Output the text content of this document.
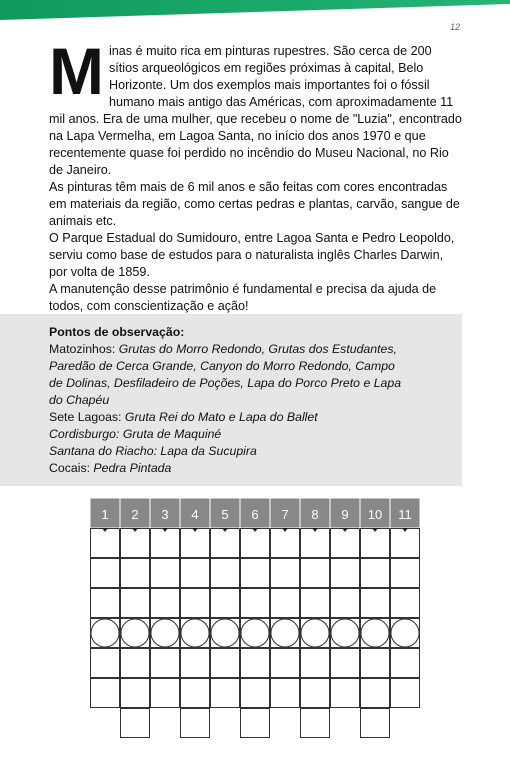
12

Minas é muito rica em pinturas rupestres. São cerca de 200 sítios arqueológicos em regiões próximas à capital, Belo Horizonte. Um dos exemplos mais importantes foi o fóssil humano mais antigo das Américas, com aproximadamente 11 mil anos. Era de uma mulher, que recebeu o nome de "Luzia", encontrado na Lapa Vermelha, em Lagoa Santa, no início dos anos 1970 e que recentemente quase foi perdido no incêndio do Museu Nacional, no Rio de Janeiro.

As pinturas têm mais de 6 mil anos e são feitas com cores encontradas em materiais da região, como certas pedras e plantas, carvão, sangue de animais etc.

O Parque Estadual do Sumidouro, entre Lagoa Santa e Pedro Leopoldo, serviu como base de estudos para o naturalista inglês Charles Darwin, por volta de 1859.

A manutenção desse patrimônio é fundamental e precisa da ajuda de todos, com conscientização e ação!

Pontos de observação:
Matozinhos: Grutas do Morro Redondo, Grutas dos Estudantes, Paredão de Cerca Grande, Canyon do Morro Redondo, Campo de Dolinas, Desfiladeiro de Poções, Lapa do Porco Preto e Lapa do Chapéu
Sete Lagoas: Gruta Rei do Mato e Lapa do Ballet
Cordisburgo: Gruta de Maquiné
Santana do Riacho: Lapa da Sucupira
Cocais: Pedra Pintada
1 2 3 4 5 6 7 8 9 10 11
